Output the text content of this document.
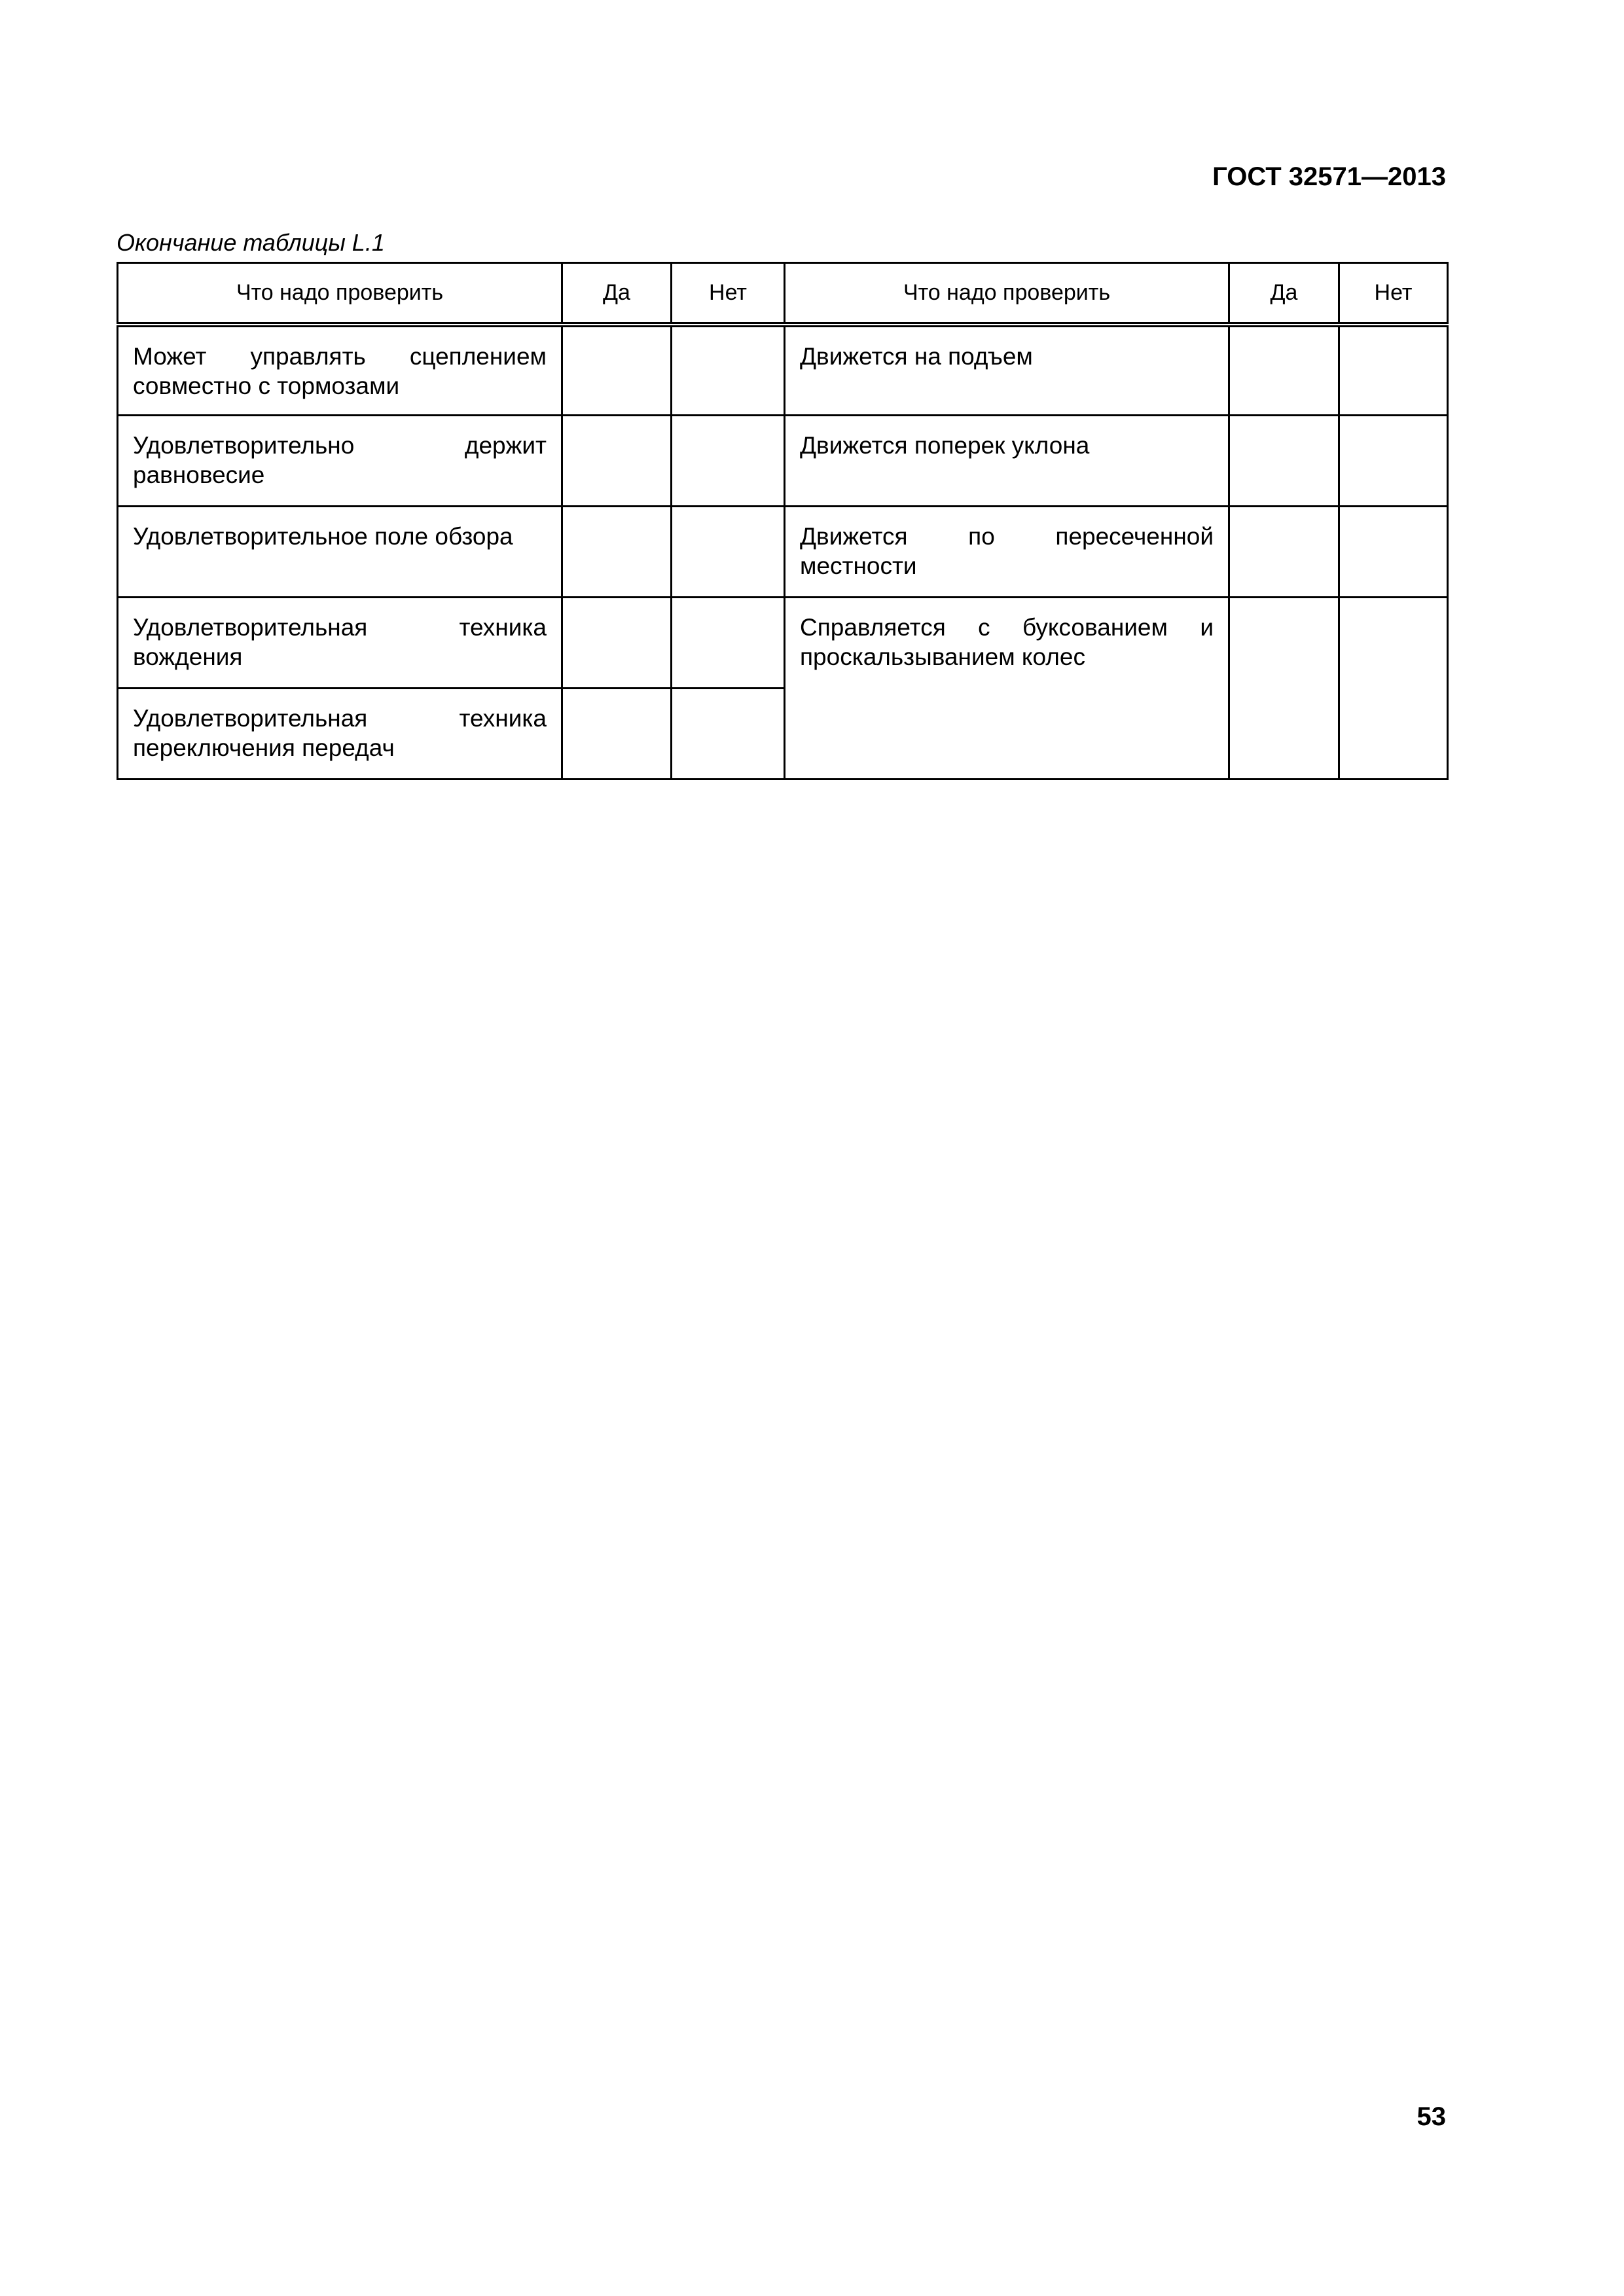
ГОСТ 32571—2013
Окончание таблицы L.1
Что надо проверить	Да	Нет	Что надо проверить	Да	Нет
Может управлять сцеплением совместно с тормозами			Движется на подъем		
Удовлетворительно держит равновесие			Движется поперек уклона		
Удовлетворительное поле обзора			Движется по пересеченной местности		
Удовлетворительная техника вождения			Справляется с буксованием и проскальзыванием колес		
Удовлетворительная техника переключения передач					
53
